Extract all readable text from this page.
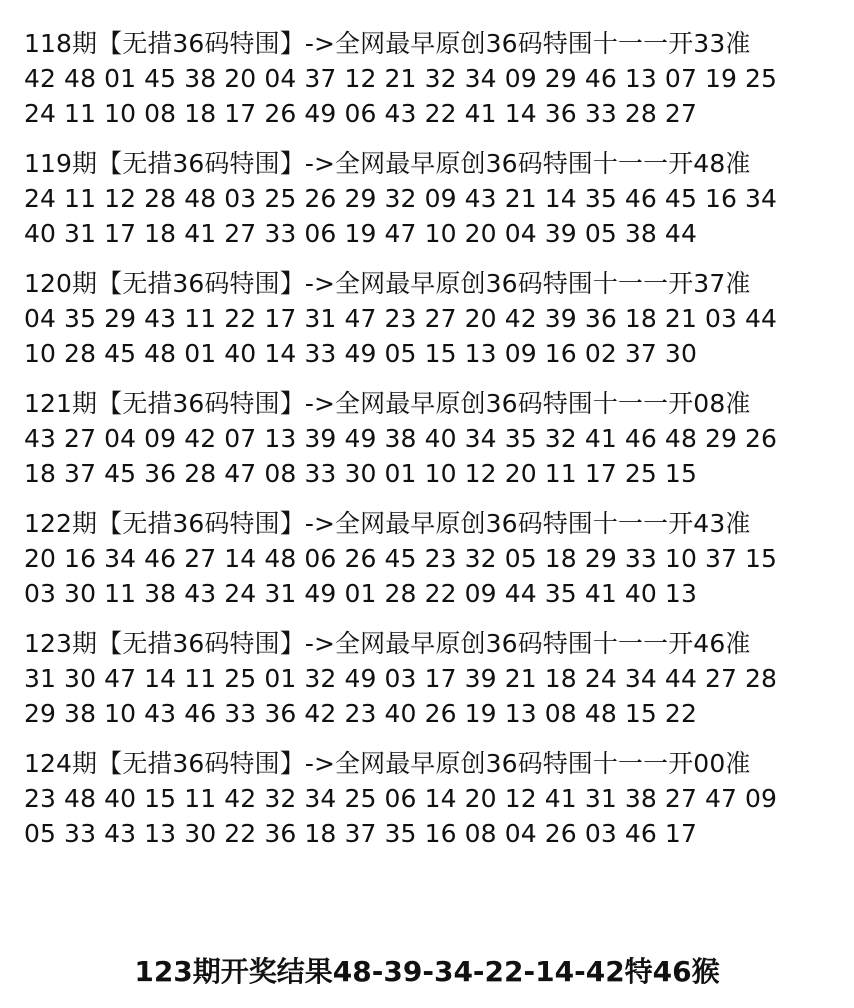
118期【无措36码特围】->全网最早原创36码特围十一一开33准
42 48 01 45 38 20 04 37 12 21 32 34 09 29 46 13 07 19 25
24 11 10 08 18 17 26 49 06 43 22 41 14 36 33 28 27
119期【无措36码特围】->全网最早原创36码特围十一一开48准
24 11 12 28 48 03 25 26 29 32 09 43 21 14 35 46 45 16 34
40 31 17 18 41 27 33 06 19 47 10 20 04 39 05 38 44
120期【无措36码特围】->全网最早原创36码特围十一一开37准
04 35 29 43 11 22 17 31 47 23 27 20 42 39 36 18 21 03 44
10 28 45 48 01 40 14 33 49 05 15 13 09 16 02 37 30
121期【无措36码特围】->全网最早原创36码特围十一一开08准
43 27 04 09 42 07 13 39 49 38 40 34 35 32 41 46 48 29 26
18 37 45 36 28 47 08 33 30 01 10 12 20 11 17 25 15
122期【无措36码特围】->全网最早原创36码特围十一一开43准
20 16 34 46 27 14 48 06 26 45 23 32 05 18 29 33 10 37 15
03 30 11 38 43 24 31 49 01 28 22 09 44 35 41 40 13
123期【无措36码特围】->全网最早原创36码特围十一一开46准
31 30 47 14 11 25 01 32 49 03 17 39 21 18 24 34 44 27 28
29 38 10 43 46 33 36 42 23 40 26 19 13 08 48 15 22
124期【无措36码特围】->全网最早原创36码特围十一一开00准
23 48 40 15 11 42 32 34 25 06 14 20 12 41 31 38 27 47 09
05 33 43 13 30 22 36 18 37 35 16 08 04 26 03 46 17
123期开奖结果48-39-34-22-14-42特46猴
